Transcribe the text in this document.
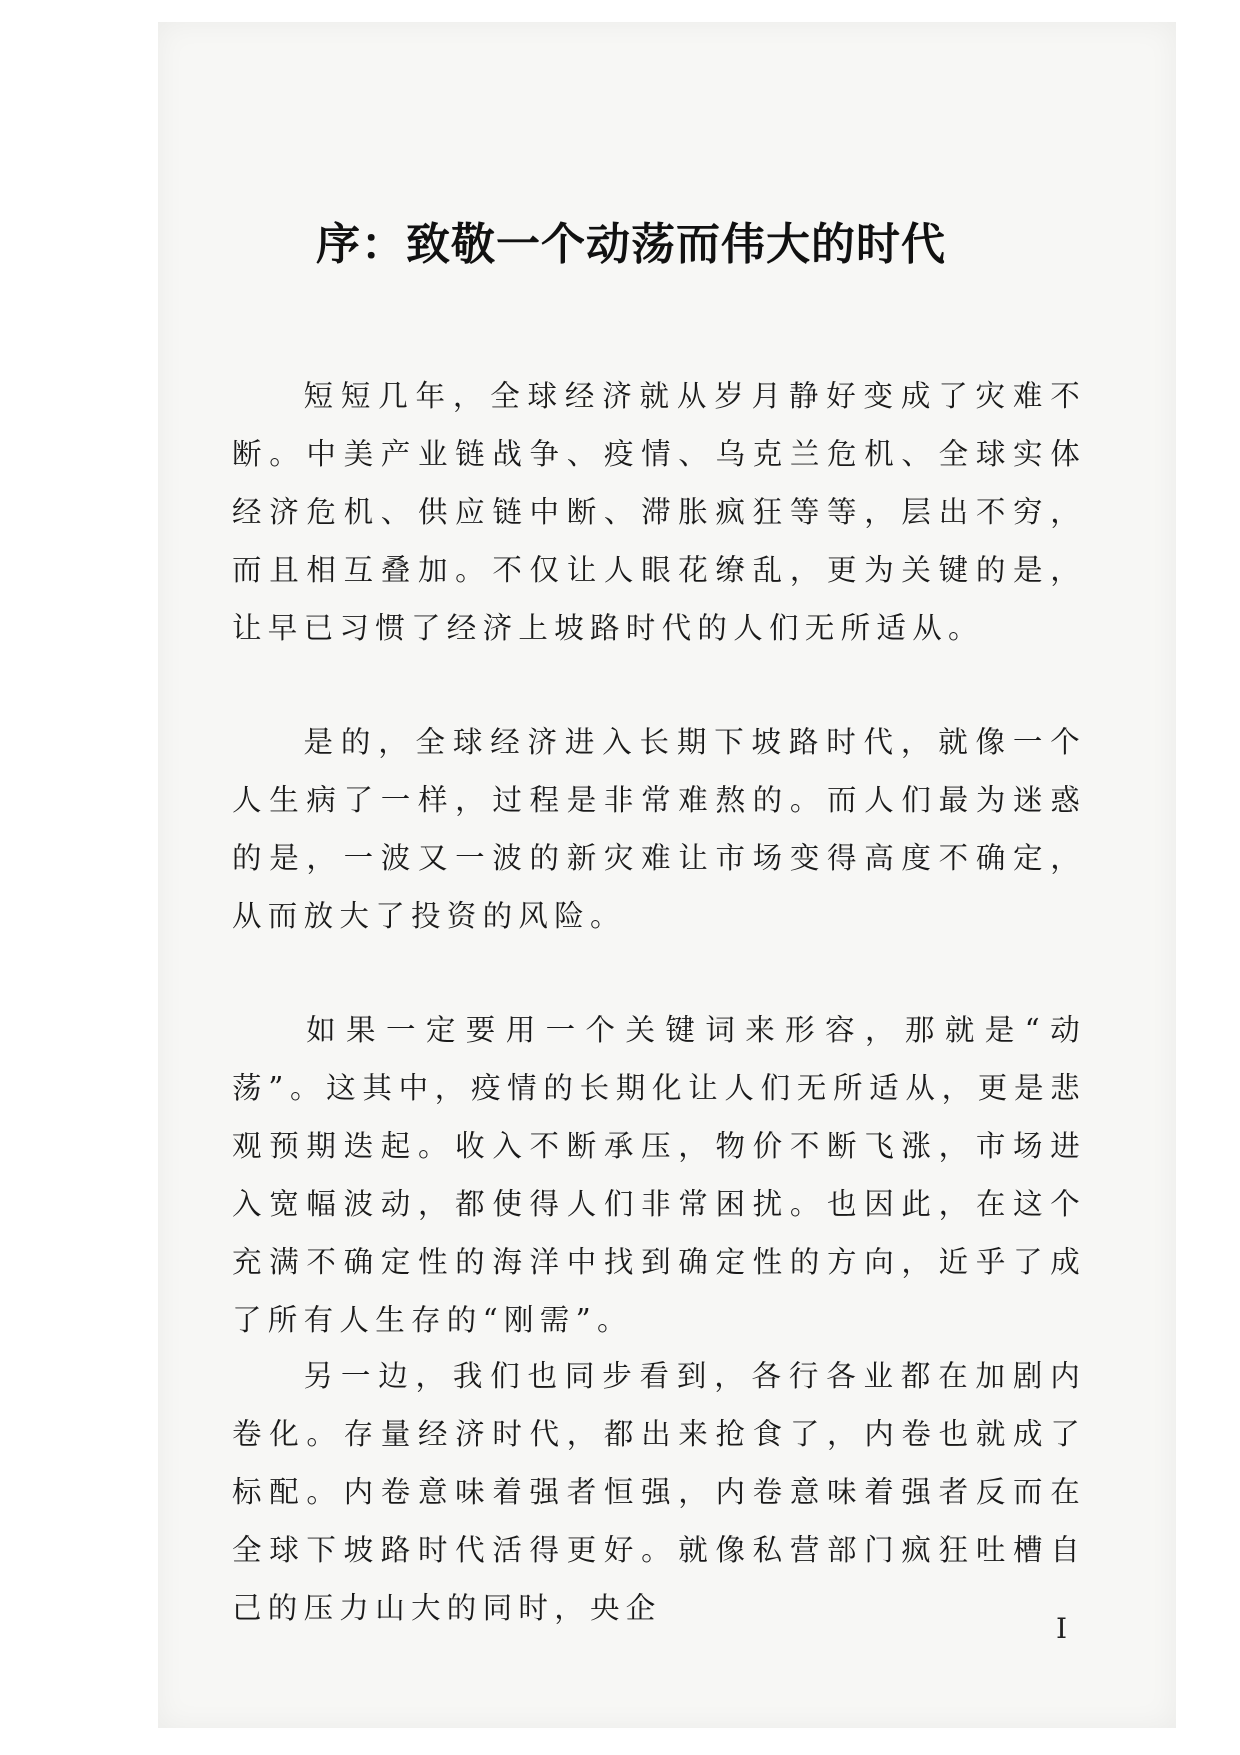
序：致敬一个动荡而伟大的时代

短短几年，全球经济就从岁月静好变成了灾难不断。中美产业链战争、疫情、乌克兰危机、全球实体经济危机、供应链中断、滞胀疯狂等等，层出不穷，而且相互叠加。不仅让人眼花缭乱，更为关键的是，让早已习惯了经济上坡路时代的人们无所适从。

是的，全球经济进入长期下坡路时代，就像一个人生病了一样，过程是非常难熬的。而人们最为迷惑的是，一波又一波的新灾难让市场变得高度不确定，从而放大了投资的风险。

如果一定要用一个关键词来形容，那就是“动荡”。这其中，疫情的长期化让人们无所适从，更是悲观预期迭起。收入不断承压，物价不断飞涨，市场进入宽幅波动，都使得人们非常困扰。也因此，在这个充满不确定性的海洋中找到确定性的方向，近乎了成了所有人生存的“刚需”。

另一边，我们也同步看到，各行各业都在加剧内卷化。存量经济时代，都出来抢食了，内卷也就成了标配。内卷意味着强者恒强，内卷意味着强者反而在全球下坡路时代活得更好。就像私营部门疯狂吐槽自己的压力山大的同时，央企

I
